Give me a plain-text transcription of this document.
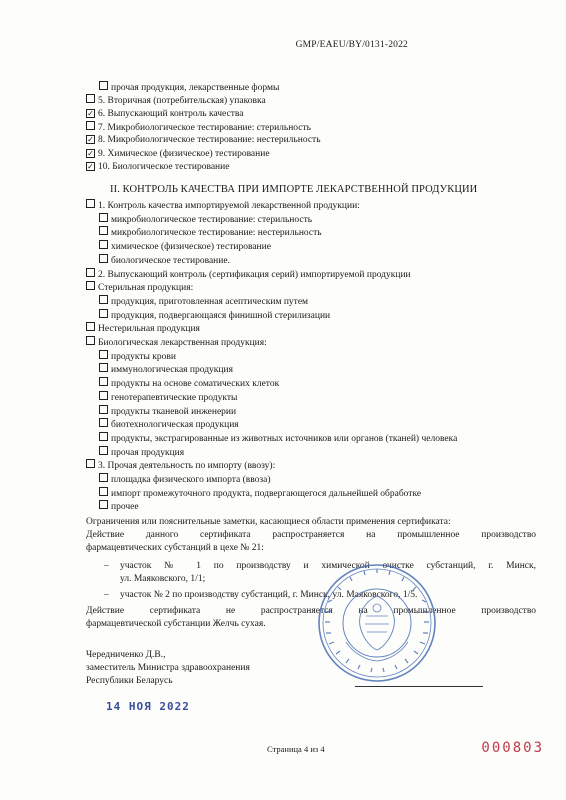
GMP/EAEU/BY/0131-2022
прочая продукция, лекарственные формы
5. Вторичная (потребительская) упаковка
✓ 6. Выпускающий контроль качества
7. Микробиологическое тестирование: стерильность
✓ 8. Микробиологическое тестирование: нестерильность
✓ 9. Химическое (физическое) тестирование
✓ 10. Биологическое тестирование
II. КОНТРОЛЬ КАЧЕСТВА ПРИ ИМПОРТЕ ЛЕКАРСТВЕННОЙ ПРОДУКЦИИ
1. Контроль качества импортируемой лекарственной продукции:
микробиологическое тестирование: стерильность
микробиологическое тестирование: нестерильность
химическое (физическое) тестирование
биологическое тестирование.
2. Выпускающий контроль (сертификация серий) импортируемой продукции
Стерильная продукция:
продукция, приготовленная асептическим путем
продукция, подвергающаяся финишной стерилизации
Нестерильная продукция
Биологическая лекарственная продукция:
продукты крови
иммунологическая продукция
продукты на основе соматических клеток
генотерапевтические продукты
продукты тканевой инженерии
биотехнологическая продукция
продукты, экстрагированные из животных источников или органов (тканей) человека
прочая продукция
3. Прочая деятельность по импорту (ввозу):
площадка физического импорта (ввоза)
импорт промежуточного продукта, подвергающегося дальнейшей обработке
прочее
Ограничения или пояснительные заметки, касающиеся области применения сертификата:
Действие данного сертификата распространяется на промышленное производство
фармацевтических субстанций в цехе № 21:
– участок № 1 по производству и химической очистке субстанций, г. Минск,
ул. Маяковского, 1/1;
– участок № 2 по производству субстанций, г. Минск, ул. Маяковского, 1/5.
Действие сертификата не распространяется на промышленное производство
фармацевтической субстанции Желчь сухая.
Чередниченко Д.В.,
заместитель Министра здравоохранения
Республики Беларусь
14 НОЯ 2022
Страница 4 из 4	000803
